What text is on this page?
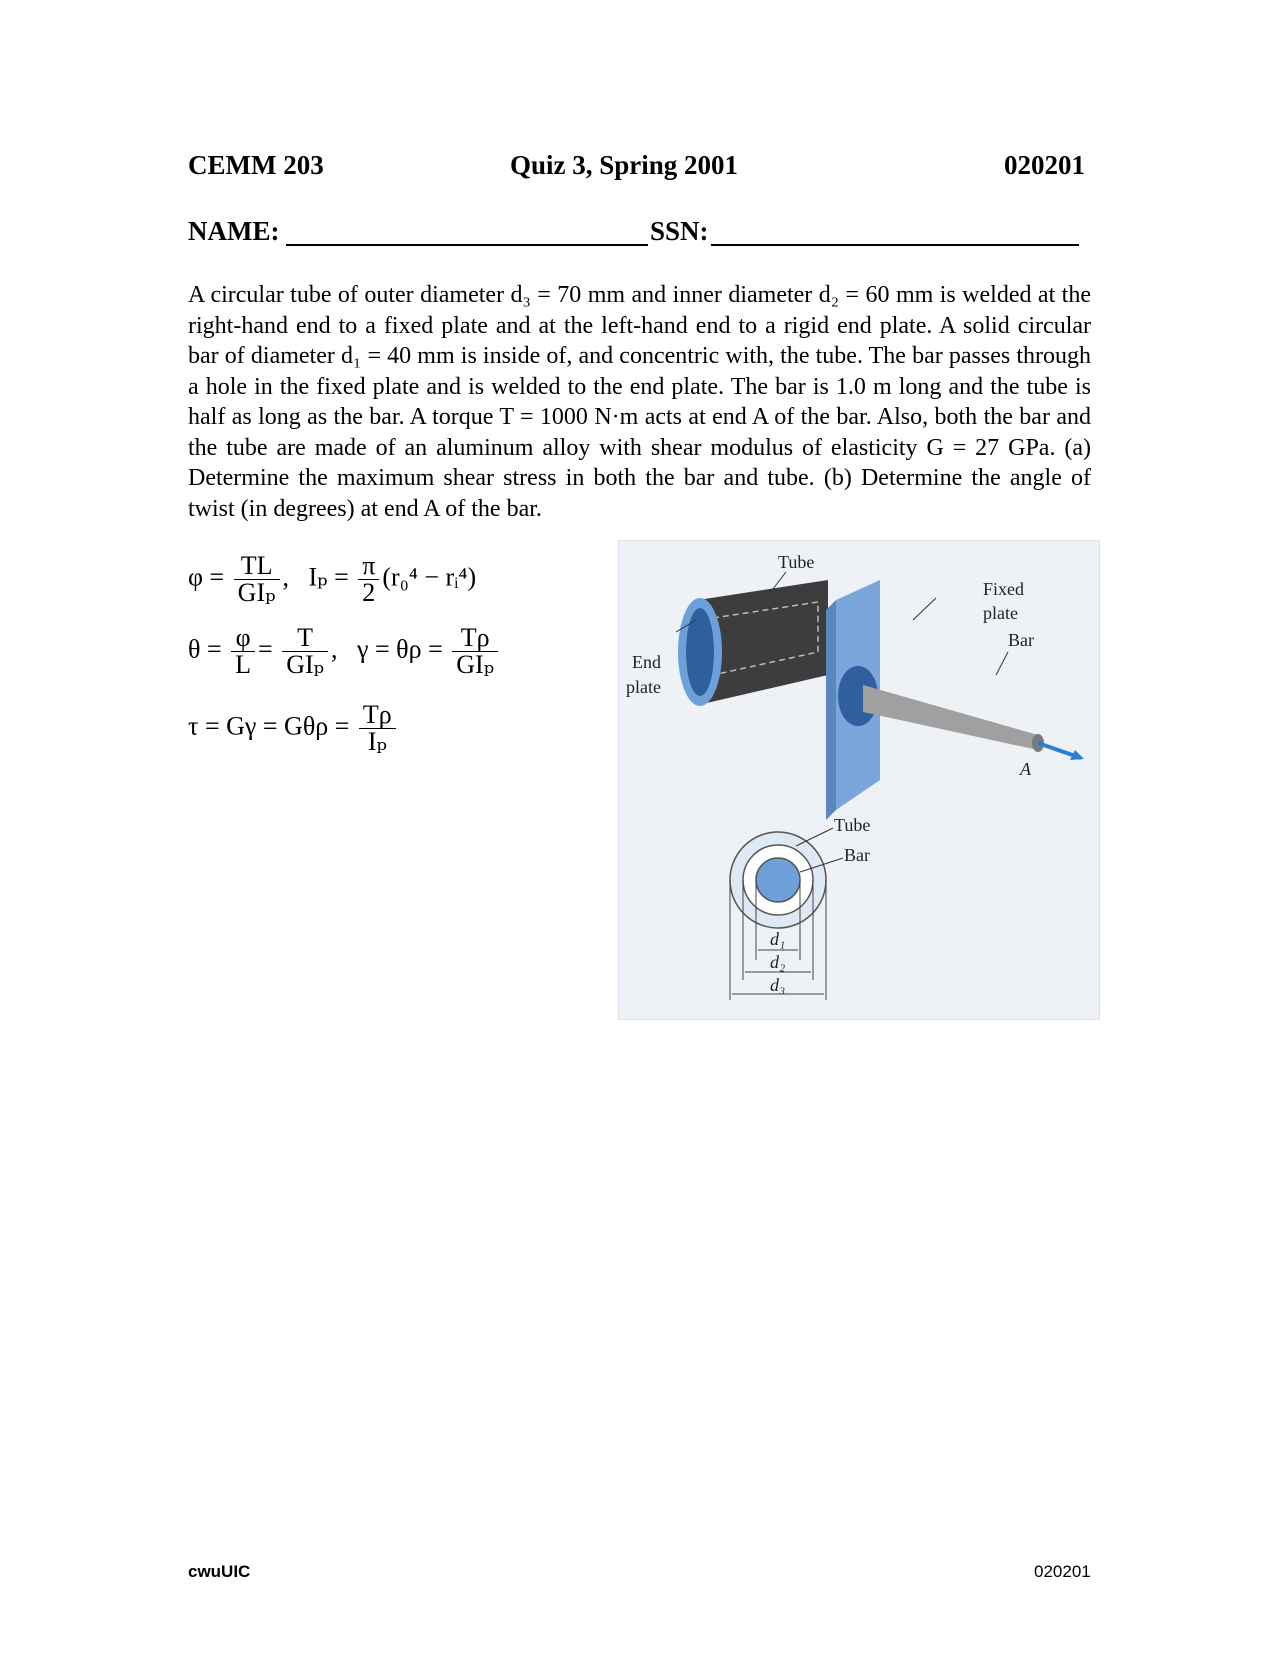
CEMM 203	Quiz 3, Spring 2001	020201
NAME:	SSN:
A circular tube of outer diameter d₃ = 70 mm and inner diameter d₂ = 60 mm is welded at the right-hand end to a fixed plate and at the left-hand end to a rigid end plate. A solid circular bar of diameter d₁ = 40 mm is inside of, and concentric with, the tube. The bar passes through a hole in the fixed plate and is welded to the end plate. The bar is 1.0 m long and the tube is half as long as the bar. A torque T = 1000 N·m acts at end A of the bar. Also, both the bar and the tube are made of an aluminum alloy with shear modulus of elasticity G = 27 GPa. (a) Determine the maximum shear stress in both the bar and tube. (b) Determine the angle of twist (in degrees) at end A of the bar.
$\varphi = \frac{TL}{\text{GIₚ}}$ ,   $I_p = \frac{\pi}{2} (r_0^4$ − rᵢ⁴)
$\theta = \frac{\varphi}{L} = \frac{T}{\text{GIₚ}}$ ,   $\gamma = \theta\rho = \frac{T\rho}{\text{GIₚ}}$
$\tau = G\gamma = G\theta\rho = \frac{T\rho}{\text{Iₚ}}$
Tube
Fixed
plate
End
plate
Bar
A
Tube
Bar
d₁
d₂
d₃
cwuUIC	020201
